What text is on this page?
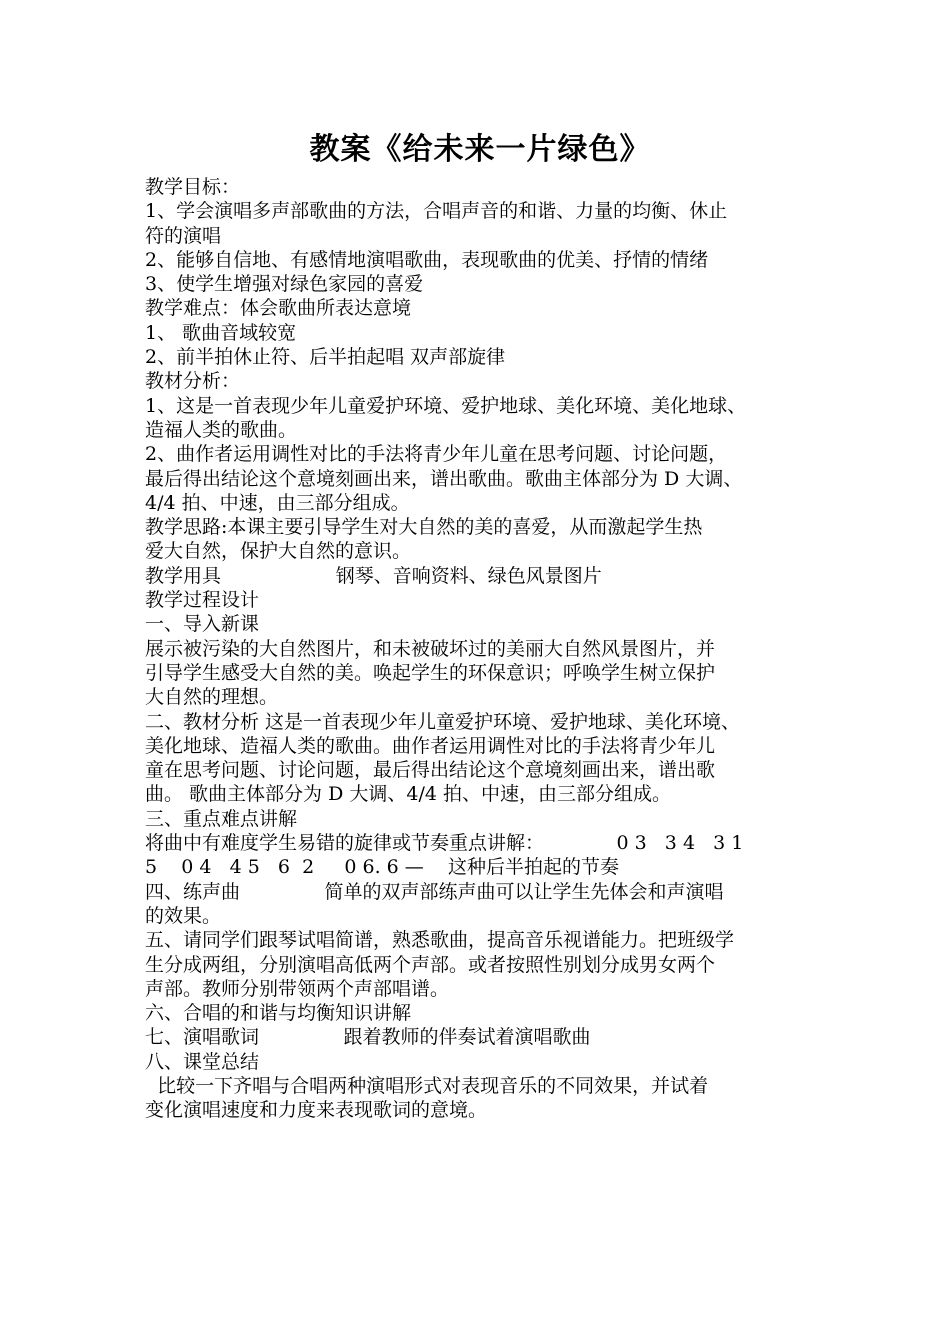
教案《给未来一片绿色》

教学目标：

1、学会演唱多声部歌曲的方法，合唱声音的和谐、力量的均衡、休止

符的演唱

2、能够自信地、有感情地演唱歌曲，表现歌曲的优美、抒情的情绪

3、使学生增强对绿色家园的喜爱

教学难点：体会歌曲所表达意境

1、 歌曲音域较宽

2、前半拍休止符、后半拍起唱 双声部旋律

教材分析：

1、这是一首表现少年儿童爱护环境、爱护地球、美化环境、美化地球、

造福人类的歌曲。

2、曲作者运用调性对比的手法将青少年儿童在思考问题、讨论问题，

最后得出结论这个意境刻画出来，谱出歌曲。歌曲主体部分为 D 大调、

4/4 拍、中速，由三部分组成。

教学思路:本课主要引导学生对大自然的美的喜爱，从而激起学生热

爱大自然，保护大自然的意识。

教学用具                   钢琴、音响资料、绿色风景图片

教学过程设计

一、导入新课

展示被污染的大自然图片，和未被破坏过的美丽大自然风景图片，并

引导学生感受大自然的美。唤起学生的环保意识；呼唤学生树立保护

大自然的理想。

二、教材分析 这是一首表现少年儿童爱护环境、爱护地球、美化环境、

美化地球、造福人类的歌曲。曲作者运用调性对比的手法将青少年儿

童在思考问题、讨论问题，最后得出结论这个意境刻画出来，谱出歌

曲。 歌曲主体部分为 D 大调、4/4 拍、中速，由三部分组成。

三、重点难点讲解

将曲中有难度学生易错的旋律或节奏重点讲解：            0 3   3 4   3 1

5    0 4   4 5   6  2     0 6. 6 —    这种后半拍起的节奏

四、练声曲              简单的双声部练声曲可以让学生先体会和声演唱

的效果。

五、请同学们跟琴试唱简谱，熟悉歌曲，提高音乐视谱能力。把班级学

生分成两组，分别演唱高低两个声部。或者按照性别划分成男女两个

声部。教师分别带领两个声部唱谱。

六、合唱的和谐与均衡知识讲解

七、演唱歌词              跟着教师的伴奏试着演唱歌曲

八、课堂总结

比较一下齐唱与合唱两种演唱形式对表现音乐的不同效果，并试着

变化演唱速度和力度来表现歌词的意境。
